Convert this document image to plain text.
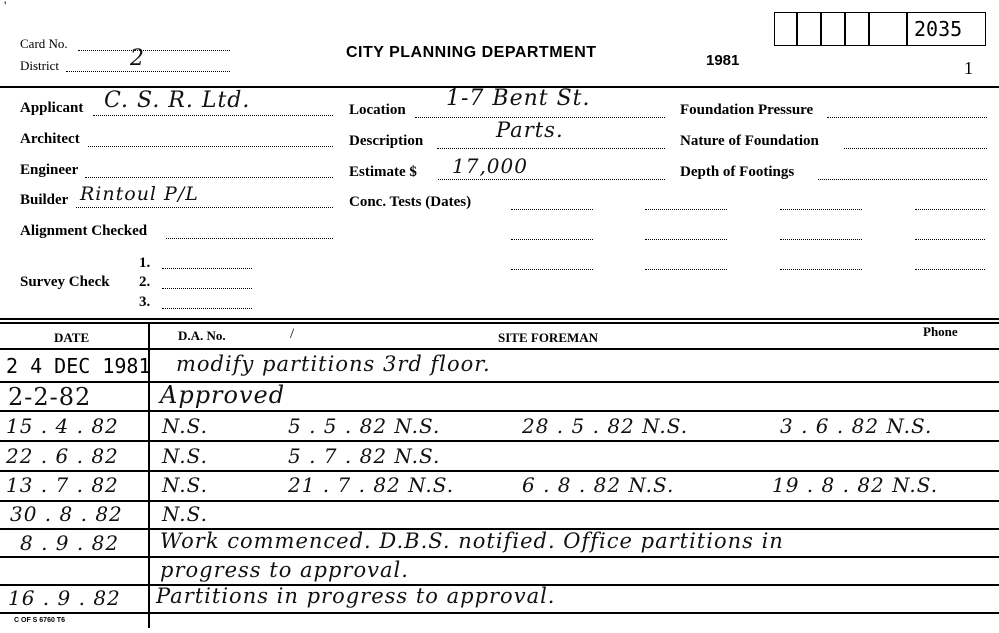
'
Card No.
District	2	CITY PLANNING DEPARTMENT	1981	1
2035
Applicant C. S. R. Ltd.
Architect
Engineer
Builder Rintoul P/L
Alignment Checked
Survey Check
1.
2.
3.
Location 1-7 Bent St.
Description	Parts.
Estimate $ 17,000
Conc. Tests (Dates)
Foundation Pressure
Nature of Foundation
Depth of Footings
DATE	D.A. No.	/	SITE FOREMAN	Phone
2 4 DEC 1981 modify partitions 3rd floor.
2-2-82	Approved
15 . 4 . 82 N.S.	5 . 5 . 82 N.S.	28 . 5 . 82 N.S.	3 . 6 . 82 N.S.
22 . 6 . 82 N.S.	5 . 7 . 82 N.S.
13 . 7 . 82 N.S.	21 . 7 . 82 N.S.	6 . 8 . 82 N.S.	19 . 8 . 82 N.S.
30 . 8 . 82 N.S.
8 . 9 . 82 Work commenced. D.B.S. notified. Office partitions in
progress to approval.
16 . 9 . 82 Partitions in progress to approval.
C OF S 6760 T6
